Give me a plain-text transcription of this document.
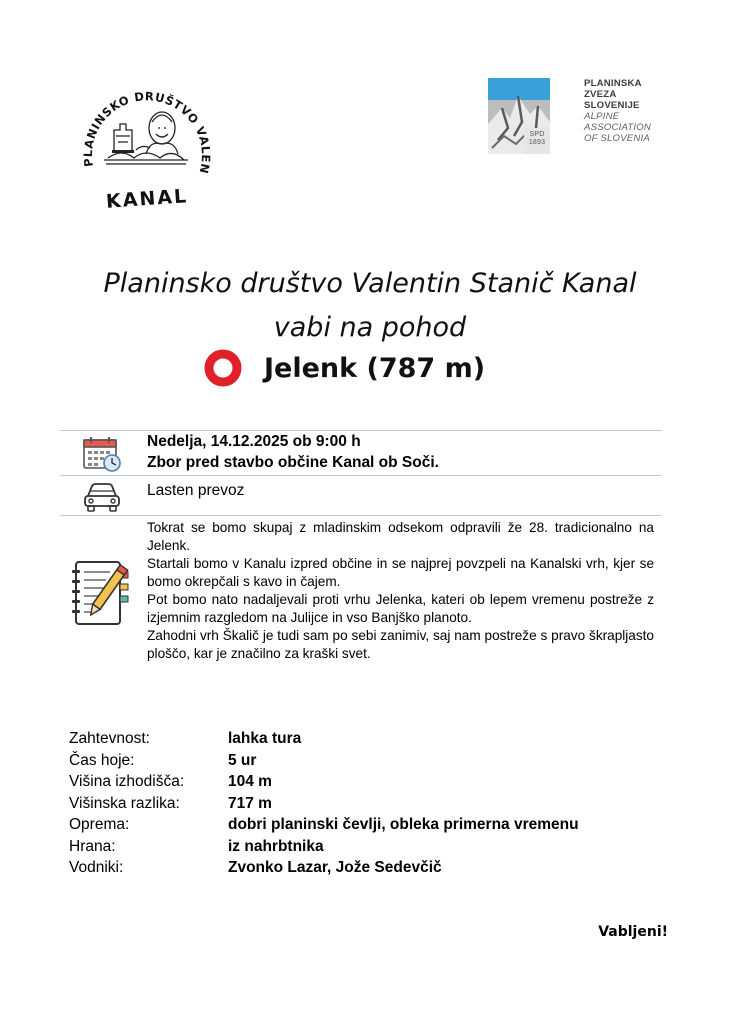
PLANINSKO DRUŠTVO VALEN
KANAL
SPD
1893
PLANINSKA
ZVEZA
SLOVENIJE
ALPINE
ASSOCIATION
OF SLOVENIA
Planinsko društvo Valentin Stanič Kanal
vabi na pohod
Jelenk (787 m)
Nedelja, 14.12.2025 ob 9:00 h
Zbor pred stavbo občine Kanal ob Soči.
Lasten prevoz

Tokrat se bomo skupaj z mladinskim odsekom odpravili že 28. tradicionalno na Jelenk.

Startali bomo v Kanalu izpred občine in se najprej povzpeli na Kanalski vrh, kjer se bomo okrepčali s kavo in čajem.

Pot bomo nato nadaljevali proti vrhu Jelenka, kateri ob lepem vremenu postreže z izjemnim razgledom na Julijce in vso Banjško planoto.

Zahodni vrh Škalič je tudi sam po sebi zanimiv, saj nam postreže s pravo škrapljasto ploščo, kar je značilno za kraški svet.

Zahtevnost:	lahka tura
Čas hoje:	5 ur
Višina izhodišča:	104 m
Višinska razlika:	717 m
Oprema:	dobri planinski čevlji, obleka primerna vremenu
Hrana:	iz nahrbtnika
Vodniki:	Zvonko Lazar, Jože Sedevčič
Vabljeni!
